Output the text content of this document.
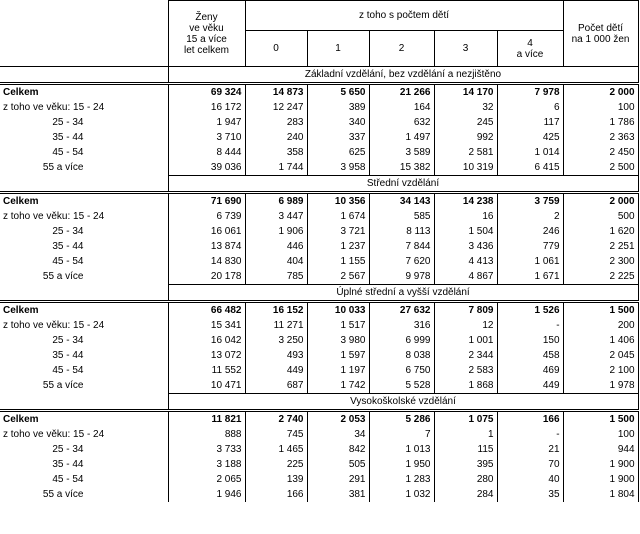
	Ženy
ve věku
15 a více
let celkem	z toho s počtem dětí					Počet dětí
na 1 000 žen
		0	1	2	3	4
a více	
	Základní vzdělání, bez vzdělání a nezjištěno						
Celkem	69 324	14 873	5 650	21 266	14 170	7 978	2 000
z toho ve věku: 15 - 24	16 172	12 247	389	164	32	6	100
25 - 34	1 947	283	340	632	245	117	1 786
35 - 44	3 710	240	337	1 497	992	425	2 363
45 - 54	8 444	358	625	3 589	2 581	1 014	2 450
55 a více	39 036	1 744	3 958	15 382	10 319	6 415	2 500
	Střední vzdělání						
Celkem	71 690	6 989	10 356	34 143	14 238	3 759	2 000
z toho ve věku: 15 - 24	6 739	3 447	1 674	585	16	2	500
25 - 34	16 061	1 906	3 721	8 113	1 504	246	1 620
35 - 44	13 874	446	1 237	7 844	3 436	779	2 251
45 - 54	14 830	404	1 155	7 620	4 413	1 061	2 300
55 a více	20 178	785	2 567	9 978	4 867	1 671	2 225
	Úplné střední a vyšší vzdělání						
Celkem	66 482	16 152	10 033	27 632	7 809	1 526	1 500
z toho ve věku: 15 - 24	15 341	11 271	1 517	316	12	-	200
25 - 34	16 042	3 250	3 980	6 999	1 001	150	1 406
35 - 44	13 072	493	1 597	8 038	2 344	458	2 045
45 - 54	11 552	449	1 197	6 750	2 583	469	2 100
55 a více	10 471	687	1 742	5 528	1 868	449	1 978
	Vysokoškolské vzdělání						
Celkem	11 821	2 740	2 053	5 286	1 075	166	1 500
z toho ve věku: 15 - 24	888	745	34	7	1	-	100
25 - 34	3 733	1 465	842	1 013	115	21	944
35 - 44	3 188	225	505	1 950	395	70	1 900
45 - 54	2 065	139	291	1 283	280	40	1 900
55 a více	1 946	166	381	1 032	284	35	1 804
